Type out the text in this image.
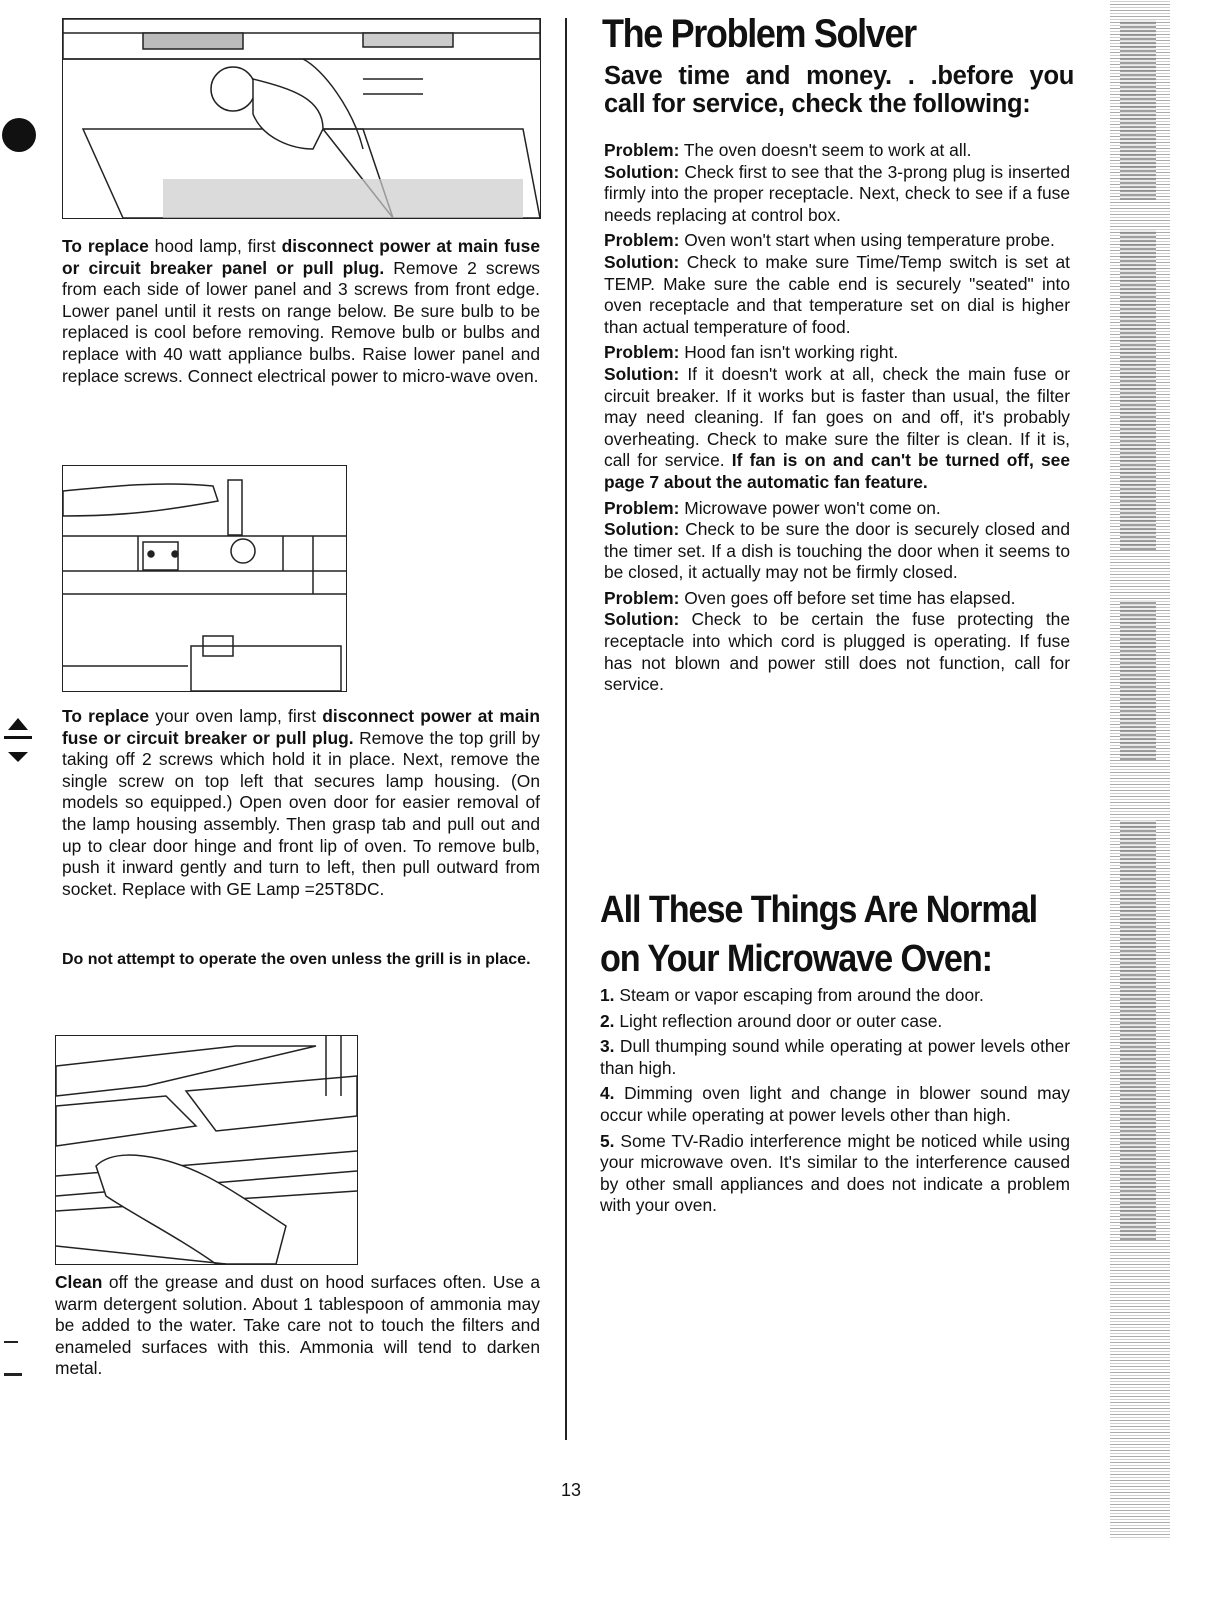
To replace hood lamp, first disconnect power at main fuse or circuit breaker panel or pull plug. Remove 2 screws from each side of lower panel and 3 screws from front edge. Lower panel until it rests on range below. Be sure bulb to be replaced is cool before removing. Remove bulb or bulbs and replace with 40 watt appliance bulbs. Raise lower panel and replace screws. Connect electrical power to micro-wave oven.

To replace your oven lamp, first disconnect power at main fuse or circuit breaker or pull plug. Remove the top grill by taking off 2 screws which hold it in place. Next, remove the single screw on top left that secures lamp housing. (On models so equipped.) Open oven door for easier removal of the lamp housing assembly. Then grasp tab and pull out and up to clear door hinge and front lip of oven. To remove bulb, push it inward gently and turn to left, then pull outward from socket. Replace with GE Lamp =25T8DC.

Do not attempt to operate the oven unless the grill is in place.

Clean off the grease and dust on hood surfaces often. Use a warm detergent solution. About 1 tablespoon of ammonia may be added to the water. Take care not to touch the filters and enameled surfaces with this. Ammonia will tend to darken metal.

The Problem Solver
Save time and money. . .before you
call for service, check the following:

Problem: The oven doesn't seem to work at all.

Solution: Check first to see that the 3-prong plug is inserted firmly into the proper receptacle. Next, check to see if a fuse needs replacing at control box.

Problem: Oven won't start when using temperature probe.

Solution: Check to make sure Time/Temp switch is set at TEMP. Make sure the cable end is securely "seated" into oven receptacle and that temperature set on dial is higher than actual temperature of food.

Problem: Hood fan isn't working right.

Solution: If it doesn't work at all, check the main fuse or circuit breaker. If it works but is faster than usual, the filter may need cleaning. If fan goes on and off, it's probably overheating. Check to make sure the filter is clean. If it is, call for service. If fan is on and can't be turned off, see page 7 about the automatic fan feature.

Problem: Microwave power won't come on.

Solution: Check to be sure the door is securely closed and the timer set. If a dish is touching the door when it seems to be closed, it actually may not be firmly closed.

Problem: Oven goes off before set time has elapsed.

Solution: Check to be certain the fuse protecting the receptacle into which cord is plugged is operating. If fuse has not blown and power still does not function, call for service.

All These Things Are Normal
on Your Microwave Oven:

1. Steam or vapor escaping from around the door.

2. Light reflection around door or outer case.

3. Dull thumping sound while operating at power levels other than high.

4. Dimming oven light and change in blower sound may occur while operating at power levels other than high.

5. Some TV-Radio interference might be noticed while using your microwave oven. It's similar to the interference caused by other small appliances and does not indicate a problem with your oven.

13
